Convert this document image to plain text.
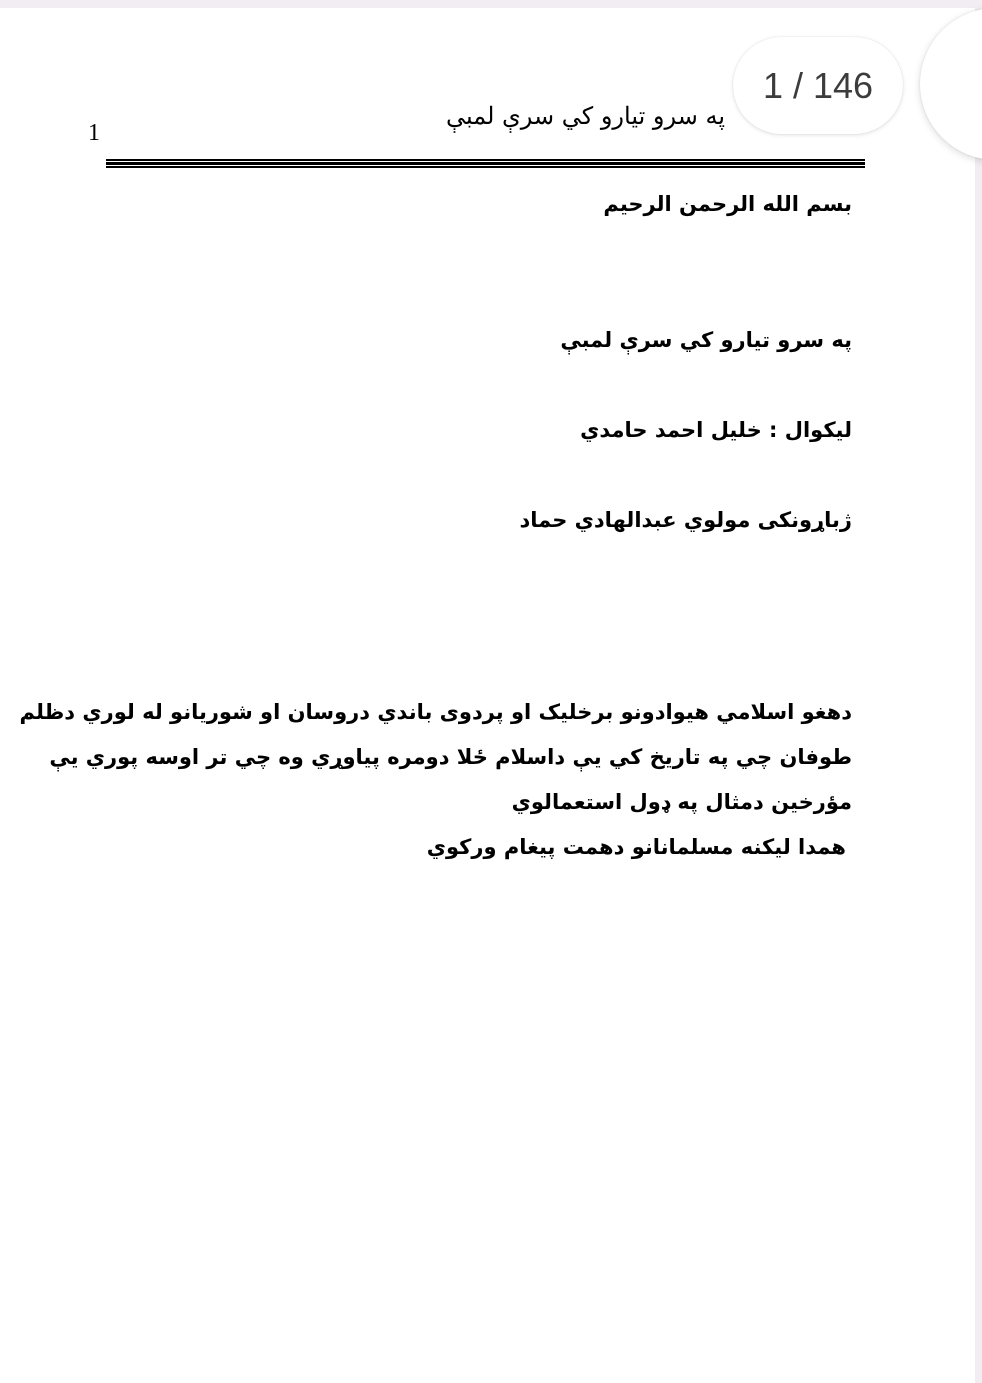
1
په سرو تیارو کي سرې لمبې
بسم الله الرحمن الرحیم
په سرو تیارو کي سرې لمبې
لیکوال : خلیل احمد حامدي
ژباړونکی مولوي عبدالهادي حماد
دهغو اسلامي هیوادونو برخلیک او پردوی باندي دروسان او شوریانو له لوري دظلم
طوفان چي په تاریخ کي یې داسلام ځلا دومره پیاوړي وه چي تر اوسه پوري یې
مؤرخین دمثال په ډول استعمالوي
همدا لیکنه مسلمانانو دهمت پیغام ورکوي
1 / 146
